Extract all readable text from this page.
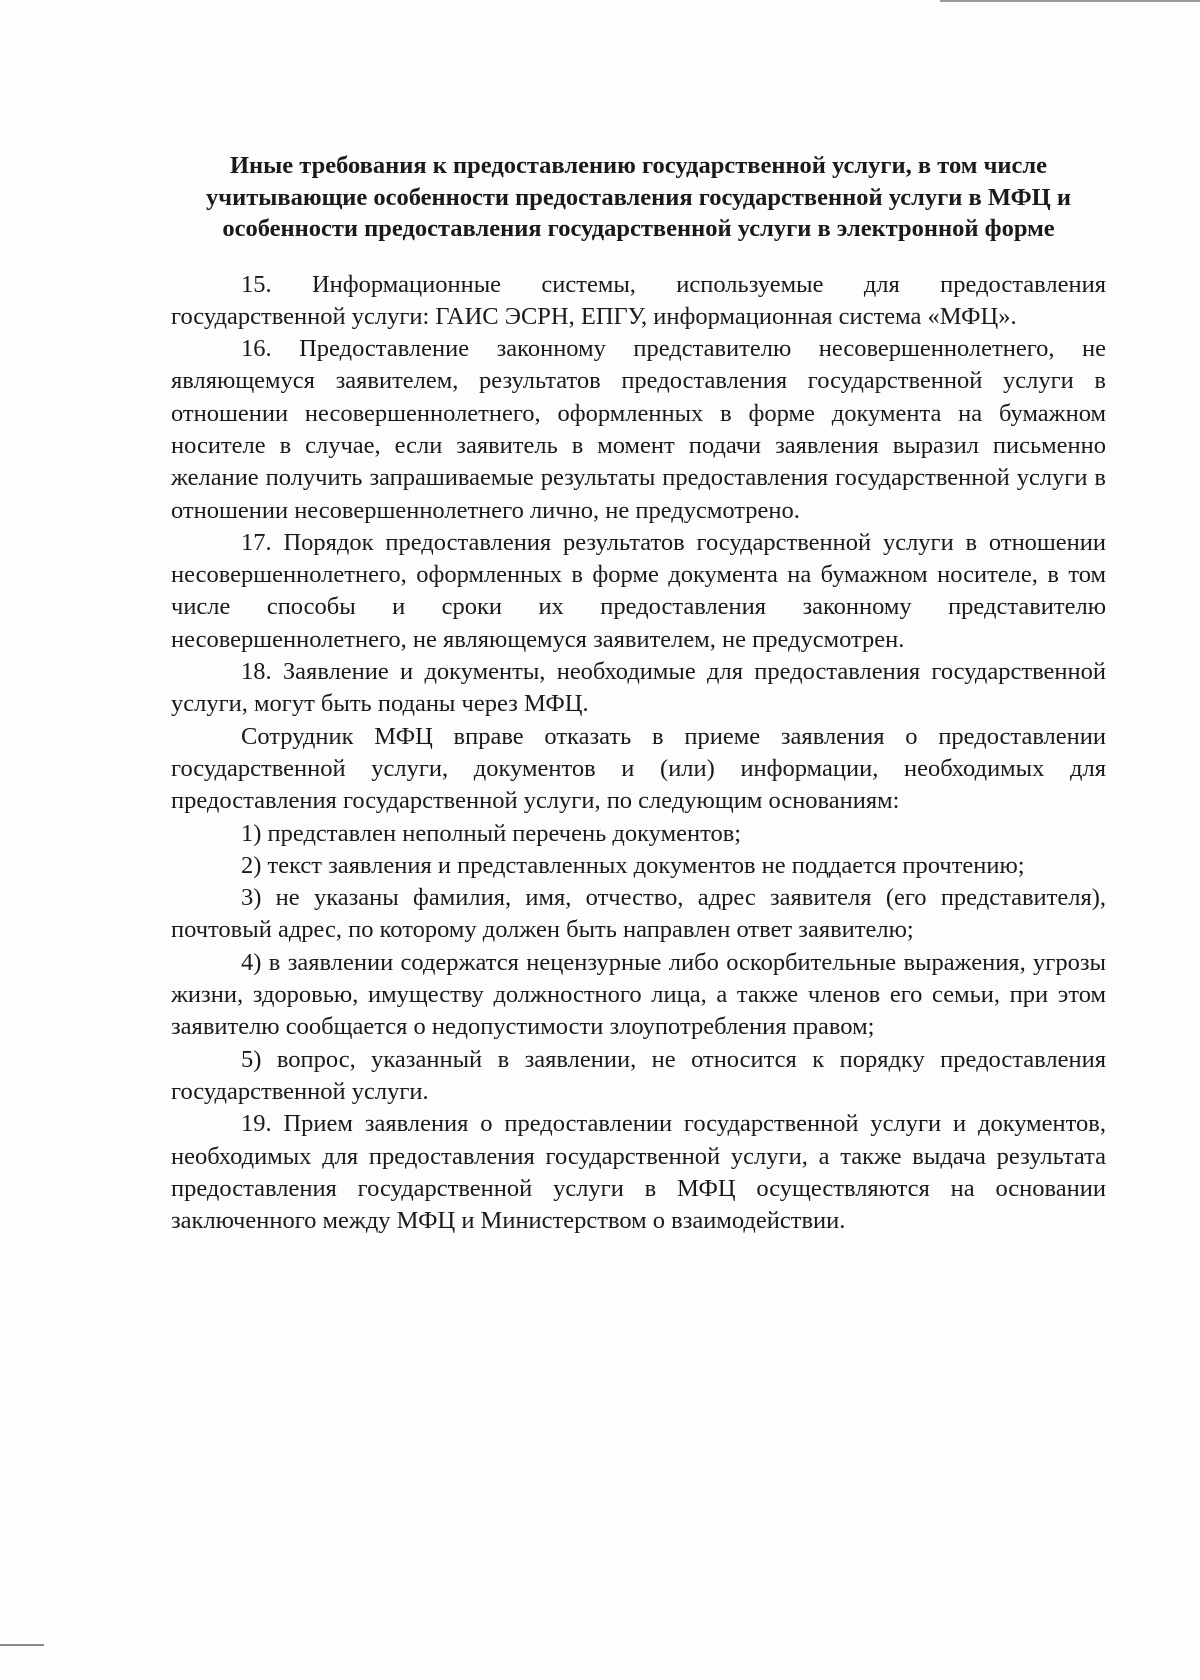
Иные требования к предоставлению государственной услуги, в том числе учитывающие особенности предоставления государственной услуги в МФЦ и особенности предоставления государственной услуги в электронной форме

15. Информационные системы, используемые для предоставления государственной услуги: ГАИС ЭСРН, ЕПГУ, информационная система «МФЦ».

16. Предоставление законному представителю несовершеннолетнего, не являющемуся заявителем, результатов предоставления государственной услуги в отношении несовершеннолетнего, оформленных в форме документа на бумажном носителе в случае, если заявитель в момент подачи заявления выразил письменно желание получить запрашиваемые результаты предоставления государственной услуги в отношении несовершеннолетнего лично, не предусмотрено.

17. Порядок предоставления результатов государственной услуги в отношении несовершеннолетнего, оформленных в форме документа на бумажном носителе, в том числе способы и сроки их предоставления законному представителю несовершеннолетнего, не являющемуся заявителем, не предусмотрен.

18. Заявление и документы, необходимые для предоставления государственной услуги, могут быть поданы через МФЦ.

Сотрудник МФЦ вправе отказать в приеме заявления о предоставлении государственной услуги, документов и (или) информации, необходимых для предоставления государственной услуги, по следующим основаниям:

1) представлен неполный перечень документов;

2) текст заявления и представленных документов не поддается прочтению;

3) не указаны фамилия, имя, отчество, адрес заявителя (его представителя), почтовый адрес, по которому должен быть направлен ответ заявителю;

4) в заявлении содержатся нецензурные либо оскорбительные выражения, угрозы жизни, здоровью, имуществу должностного лица, а также членов его семьи, при этом заявителю сообщается о недопустимости злоупотребления правом;

5) вопрос, указанный в заявлении, не относится к порядку предоставления государственной услуги.

19. Прием заявления о предоставлении государственной услуги и документов, необходимых для предоставления государственной услуги, а также выдача результата предоставления государственной услуги в МФЦ осуществляются на основании заключенного между МФЦ и Министерством о взаимодействии.
